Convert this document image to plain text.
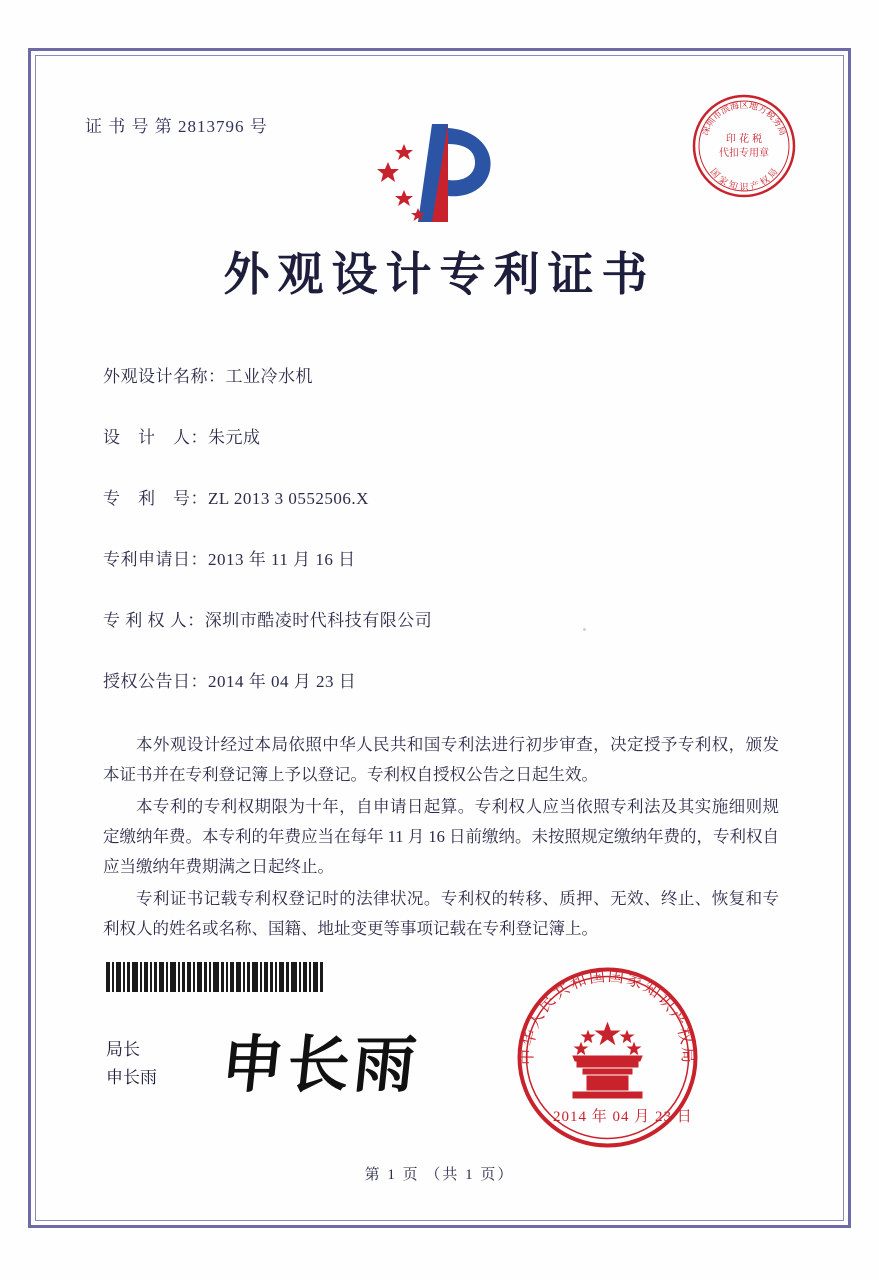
证 书 号 第 2813796 号	深圳市滨海区地方税务局
国 家 知 识 产 权 局
印 花 税
代扣专用章
外观设计专利证书
外观设计名称：工业冷水机
设　计　人：朱元成
专　利　号：ZL 2013 3 0552506.X
专利申请日：2013 年 11 月 16 日
专 利 权 人：深圳市酷凌时代科技有限公司
授权公告日：2014 年 04 月 23 日

本外观设计经过本局依照中华人民共和国专利法进行初步审查，决定授予专利权，颁发本证书并在专利登记簿上予以登记。专利权自授权公告之日起生效。

本专利的专利权期限为十年，自申请日起算。专利权人应当依照专利法及其实施细则规定缴纳年费。本专利的年费应当在每年 11 月 16 日前缴纳。未按照规定缴纳年费的，专利权自应当缴纳年费期满之日起终止。

专利证书记载专利权登记时的法律状况。专利权的转移、质押、无效、终止、恢复和专利权人的姓名或名称、国籍、地址变更等事项记载在专利登记簿上。

局长
申长雨 申长雨	中华人民共和国国家知识产权局
2014 年 04 月 23 日
第 1 页 （共 1 页）
